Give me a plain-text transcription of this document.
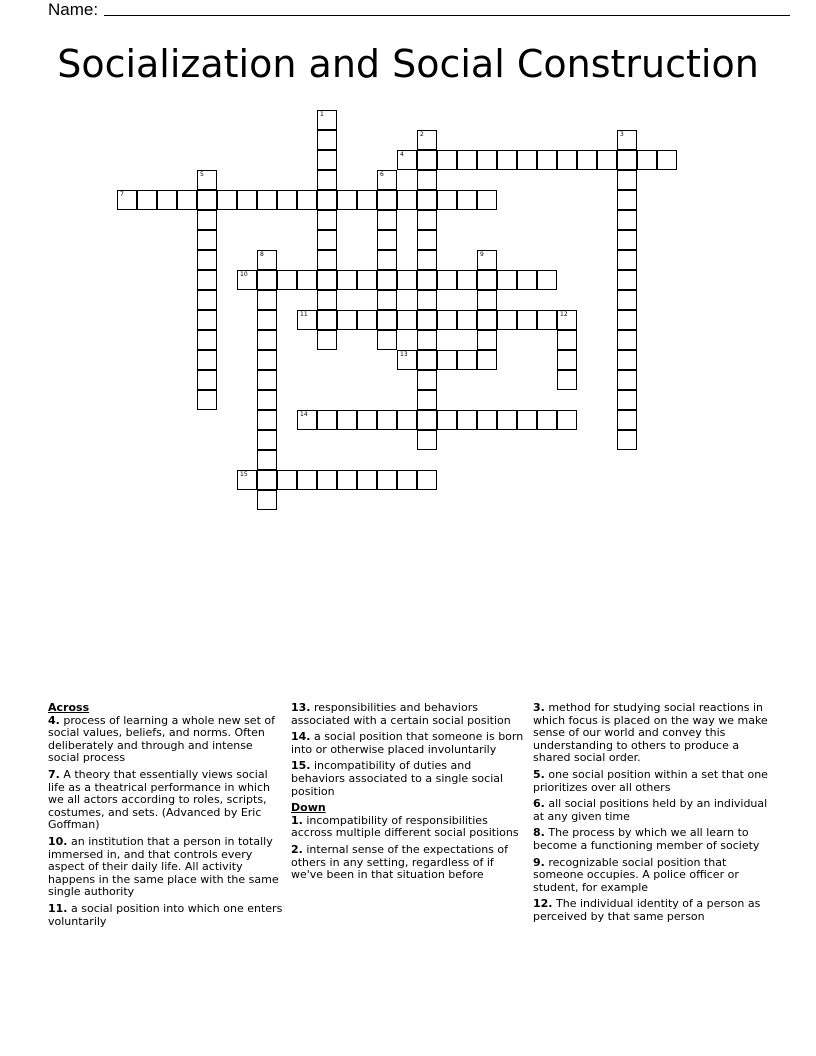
Name:
Socialization and Social Construction
4
7
10
11	12
13
14
15
1
2	3
5	6
8	9
Across
4. process of learning a whole new set of social values, beliefs, and norms. Often deliberately and through and intense social process
7. A theory that essentially views social life as a theatrical performance in which we all actors according to roles, scripts, costumes, and sets. (Advanced by Eric Goffman)
10. an institution that a person in totally immersed in, and that controls every aspect of their daily life. All activity happens in the same place with the same single authority
11. a social position into which one enters voluntarily
13. responsibilities and behaviors associated with a certain social position
14. a social position that someone is born into or otherwise placed involuntarily
15. incompatibility of duties and behaviors associated to a single social position
Down
1. incompatibility of responsibilities accross multiple different social positions
2. internal sense of the expectations of others in any setting, regardless of if we've been in that situation before
3. method for studying social reactions in which focus is placed on the way we make sense of our world and convey this understanding to others to produce a shared social order.
5. one social position within a set that one prioritizes over all others
6. all social positions held by an individual at any given time
8. The process by which we all learn to become a functioning member of society
9. recognizable social position that someone occupies. A police officer or student, for example
12. The individual identity of a person as perceived by that same person
